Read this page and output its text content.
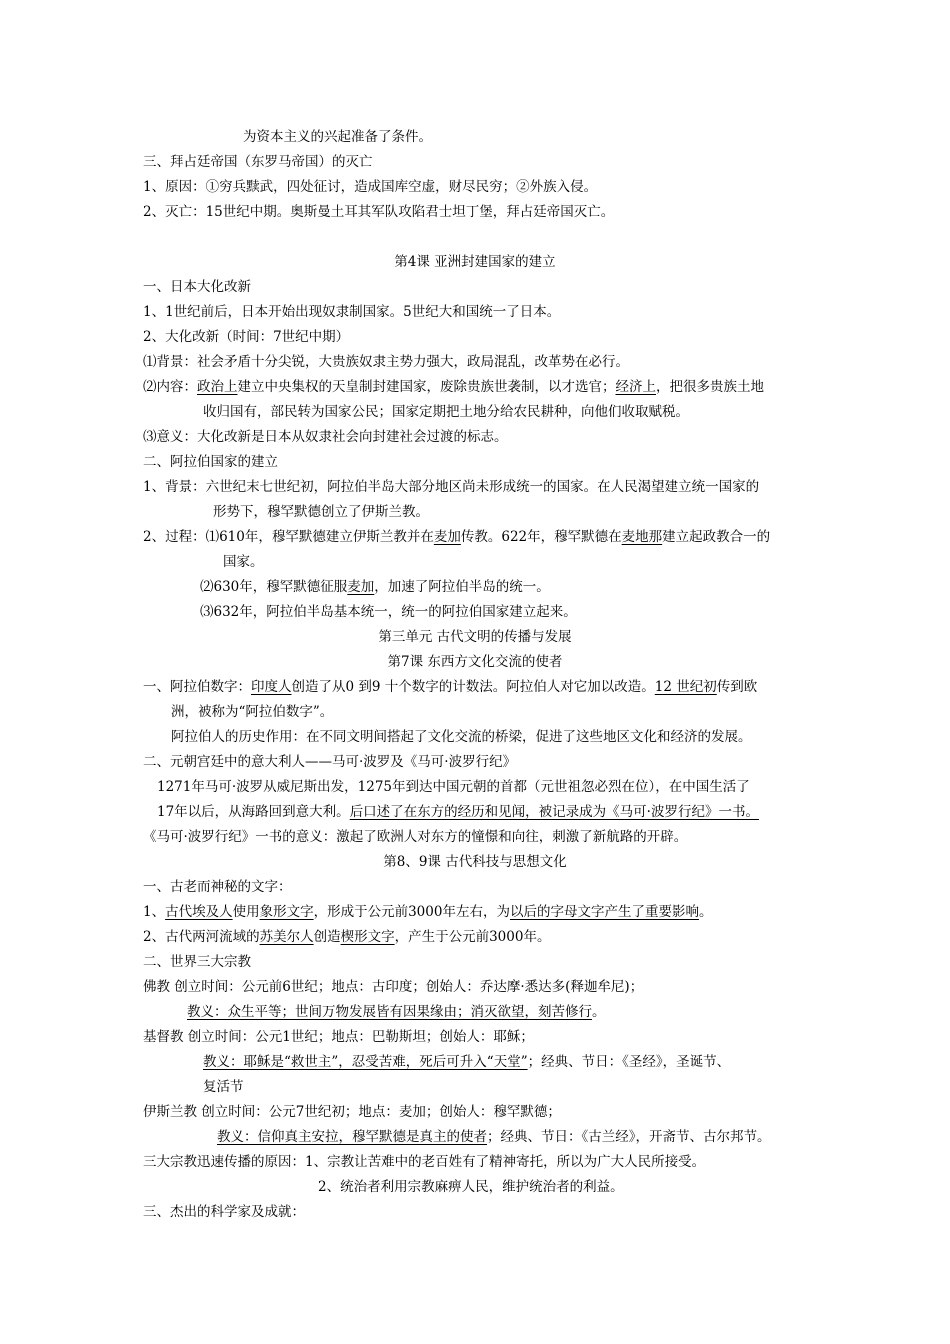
为资本主义的兴起准备了条件。
三、拜占廷帝国（东罗马帝国）的灭亡
1、原因：①穷兵黩武，四处征讨，造成国库空虚，财尽民穷；②外族入侵。
2、灭亡：15世纪中期。奥斯曼土耳其军队攻陷君士坦丁堡，拜占廷帝国灭亡。
第4课 亚洲封建国家的建立
一、日本大化改新
1、1世纪前后，日本开始出现奴隶制国家。5世纪大和国统一了日本。
2、大化改新（时间：7世纪中期）
⑴背景：社会矛盾十分尖锐，大贵族奴隶主势力强大，政局混乱，改革势在必行。
⑵内容：政治上建立中央集权的天皇制封建国家，废除贵族世袭制，以才选官；经济上，把很多贵族土地
收归国有，部民转为国家公民；国家定期把土地分给农民耕种，向他们收取赋税。
⑶意义：大化改新是日本从奴隶社会向封建社会过渡的标志。
二、阿拉伯国家的建立
1、背景：六世纪末七世纪初，阿拉伯半岛大部分地区尚未形成统一的国家。在人民渴望建立统一国家的
形势下，穆罕默德创立了伊斯兰教。
2、过程：⑴610年，穆罕默德建立伊斯兰教并在麦加传教。622年，穆罕默德在麦地那建立起政教合一的
国家。
⑵630年，穆罕默德征服麦加，加速了阿拉伯半岛的统一。
⑶632年，阿拉伯半岛基本统一，统一的阿拉伯国家建立起来。
第三单元 古代文明的传播与发展
第7课 东西方文化交流的使者
一、阿拉伯数字：印度人创造了从0 到9 十个数字的计数法。阿拉伯人对它加以改造。12 世纪初传到欧
洲，被称为“阿拉伯数字”。
阿拉伯人的历史作用：在不同文明间搭起了文化交流的桥梁，促进了这些地区文化和经济的发展。
二、元朝宫廷中的意大利人——马可·波罗及《马可·波罗行纪》
1271年马可·波罗从威尼斯出发，1275年到达中国元朝的首都（元世祖忽必烈在位），在中国生活了
17年以后，从海路回到意大利。后口述了在东方的经历和见闻，被记录成为《马可·波罗行纪》一书。
《马可·波罗行纪》一书的意义：激起了欧洲人对东方的憧憬和向往，刺激了新航路的开辟。
第8、9课 古代科技与思想文化
一、古老而神秘的文字：
1、古代埃及人使用象形文字，形成于公元前3000年左右，为以后的字母文字产生了重要影响。
2、古代两河流域的苏美尔人创造楔形文字，产生于公元前3000年。
二、世界三大宗教
佛教 创立时间：公元前6世纪；地点：古印度；创始人：乔达摩·悉达多(释迦牟尼)；
教义：众生平等；世间万物发展皆有因果缘由；消灭欲望，刻苦修行。
基督教 创立时间：公元1世纪；地点：巴勒斯坦；创始人：耶稣；
教义：耶稣是“救世主”，忍受苦难，死后可升入“天堂”；经典、节日：《圣经》，圣诞节、
复活节
伊斯兰教 创立时间：公元7世纪初；地点：麦加；创始人：穆罕默德；
教义：信仰真主安拉，穆罕默德是真主的使者；经典、节日：《古兰经》，开斋节、古尔邦节。
三大宗教迅速传播的原因：1、宗教让苦难中的老百姓有了精神寄托，所以为广大人民所接受。
2、统治者利用宗教麻痹人民，维护统治者的利益。
三、杰出的科学家及成就：
